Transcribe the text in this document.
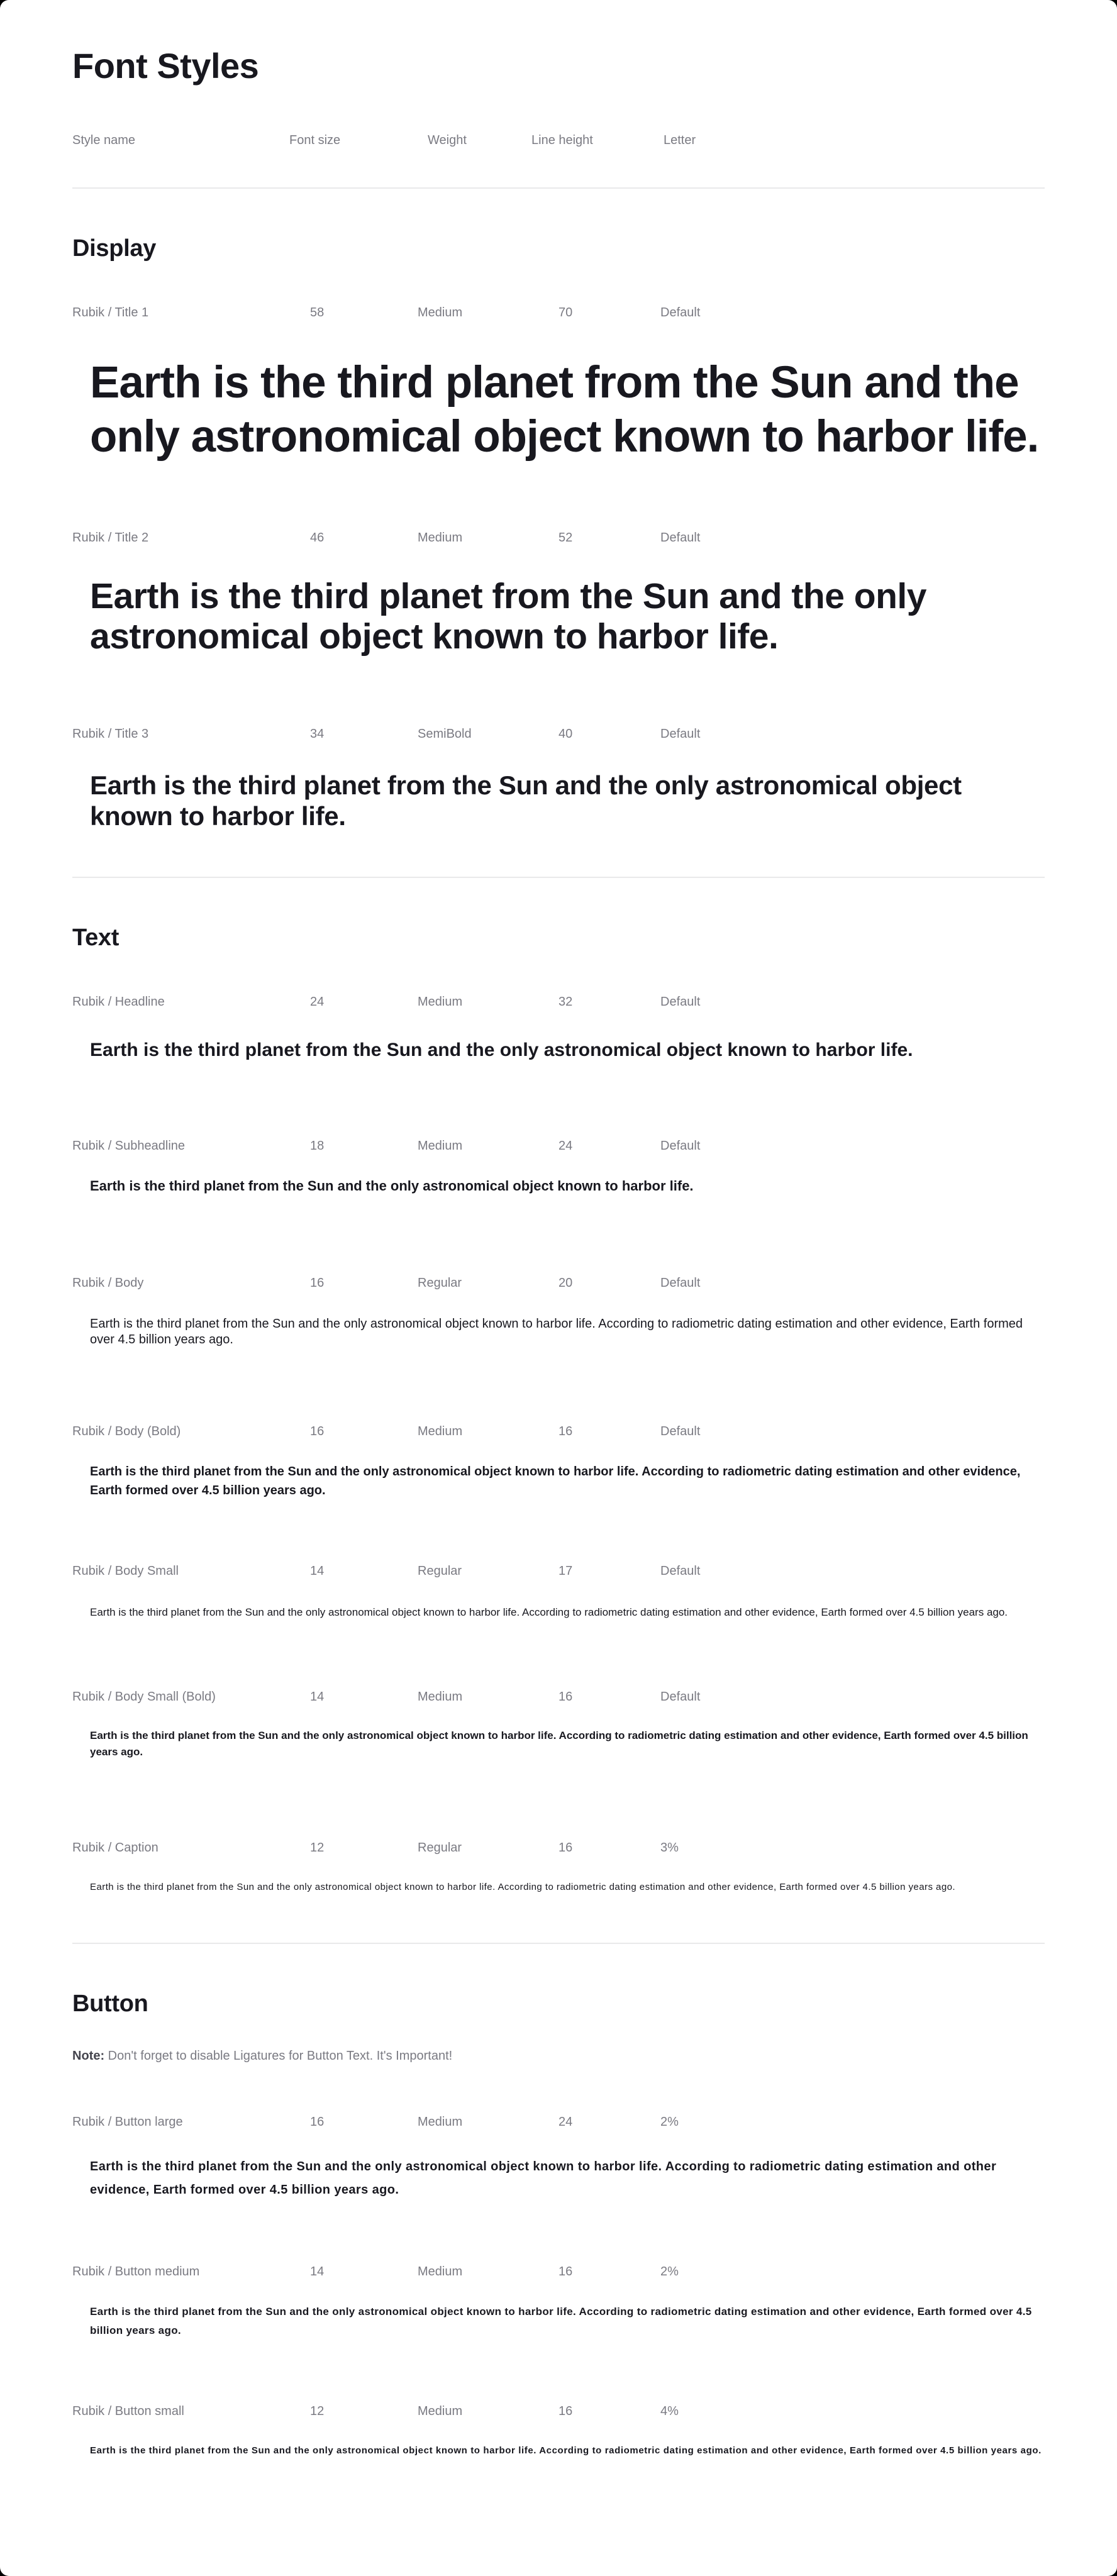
Font Styles
Style name	Font size	Weight	Line height	Letter
Display
Rubik / Title 1	58	Medium	70	Default
Earth is the third planet from the Sun and the only astronomical object known to harbor life.
Rubik / Title 2	46	Medium	52	Default
Earth is the third planet from the Sun and the only astronomical object known to harbor life.
Rubik / Title 3	34	SemiBold	40	Default
Earth is the third planet from the Sun and the only astronomical object known to harbor life.
Text
Rubik / Headline	24	Medium	32	Default
Earth is the third planet from the Sun and the only astronomical object known to harbor life.
Rubik / Subheadline	18	Medium	24	Default
Earth is the third planet from the Sun and the only astronomical object known to harbor life.
Rubik / Body	16	Regular	20	Default
Earth is the third planet from the Sun and the only astronomical object known to harbor life. According to radiometric dating estimation and other evidence, Earth formed over 4.5 billion years ago.
Rubik / Body (Bold)	16	Medium	16	Default
Earth is the third planet from the Sun and the only astronomical object known to harbor life. According to radiometric dating estimation and other evidence, Earth formed over 4.5 billion years ago.
Rubik / Body Small	14	Regular	17	Default
Earth is the third planet from the Sun and the only astronomical object known to harbor life. According to radiometric dating estimation and other evidence, Earth formed over 4.5 billion years ago.
Rubik / Body Small (Bold)	14	Medium	16	Default
Earth is the third planet from the Sun and the only astronomical object known to harbor life. According to radiometric dating estimation and other evidence, Earth formed over 4.5 billion years ago.
Rubik / Caption	12	Regular	16	3%
Earth is the third planet from the Sun and the only astronomical object known to harbor life. According to radiometric dating estimation and other evidence, Earth formed over 4.5 billion years ago.
Button
Note: Don't forget to disable Ligatures for Button Text. It's Important!
Rubik / Button large	16	Medium	24	2%
Earth is the third planet from the Sun and the only astronomical object known to harbor life. According to radiometric dating estimation and other evidence, Earth formed over 4.5 billion years ago.
Rubik / Button medium	14	Medium	16	2%
Earth is the third planet from the Sun and the only astronomical object known to harbor life. According to radiometric dating estimation and other evidence, Earth formed over 4.5 billion years ago.
Rubik / Button small	12	Medium	16	4%
Earth is the third planet from the Sun and the only astronomical object known to harbor life. According to radiometric dating estimation and other evidence, Earth formed over 4.5 billion years ago.
